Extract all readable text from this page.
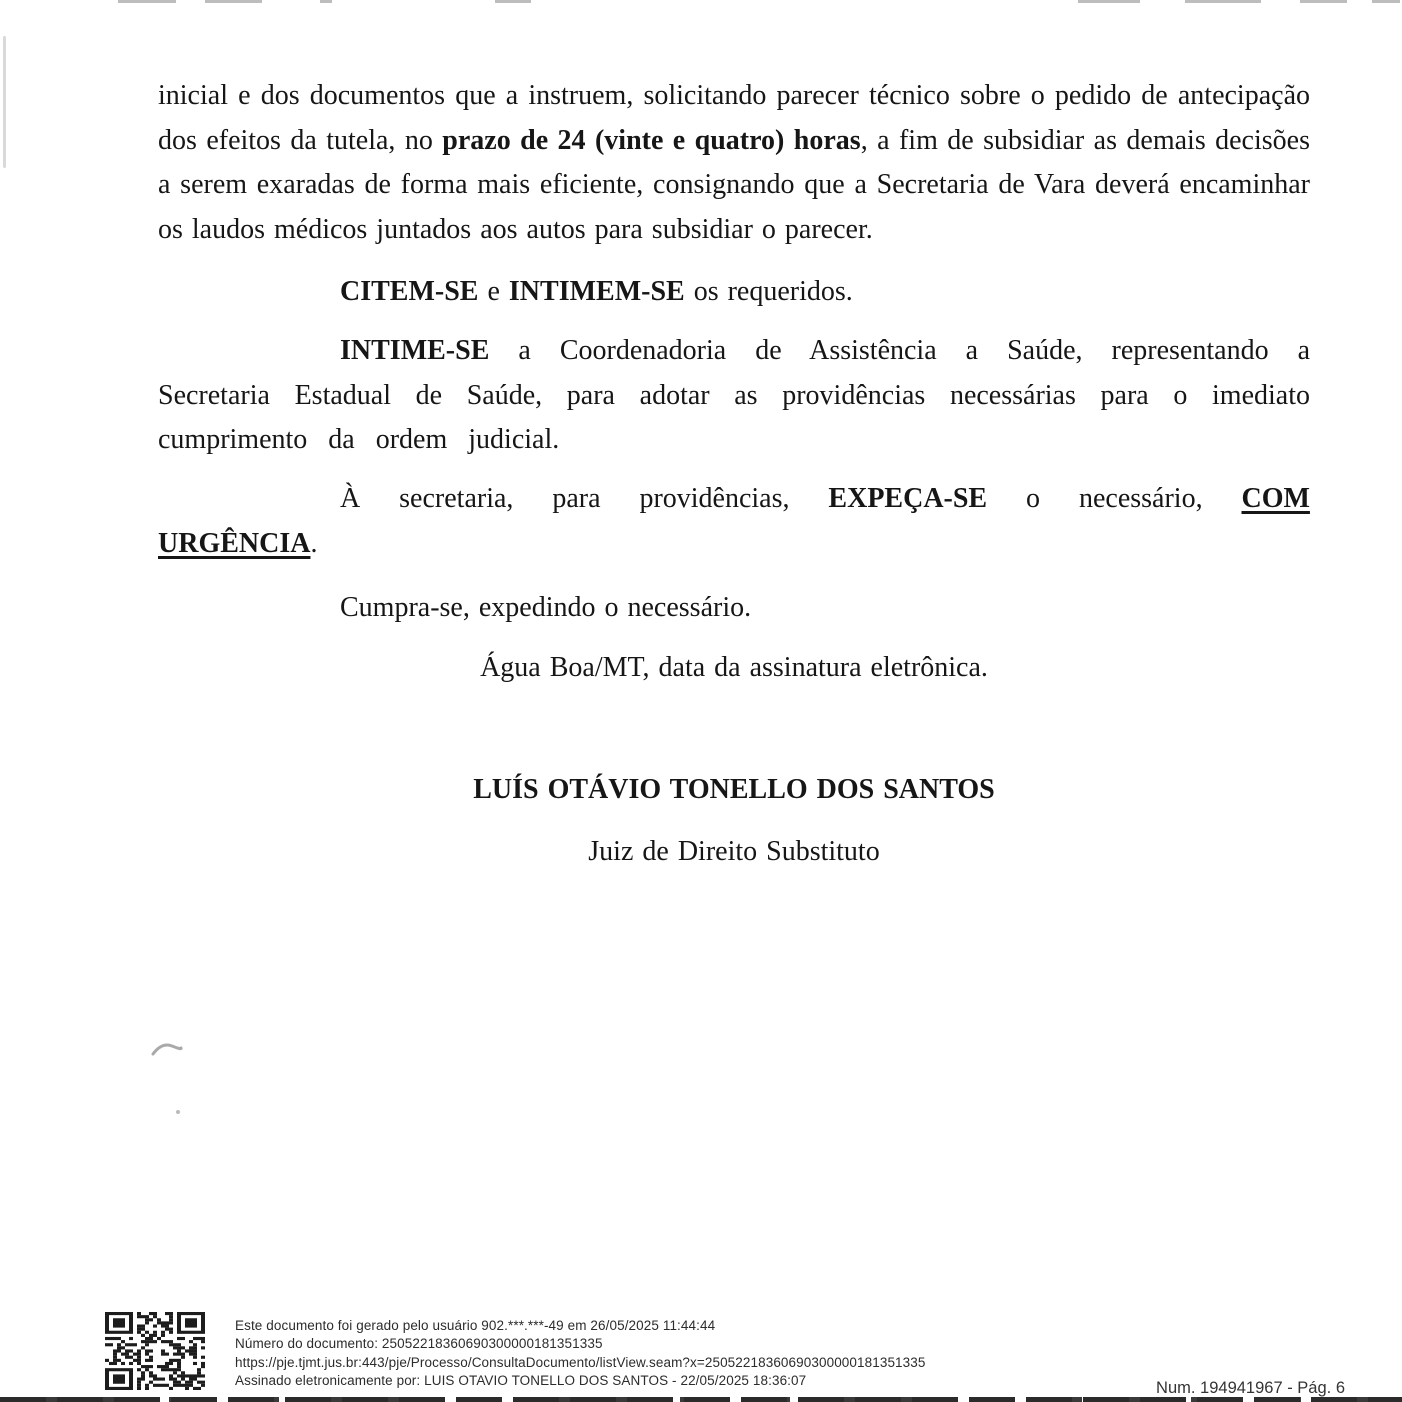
inicial e dos documentos que a instruem, solicitando parecer técnico sobre o pedido de antecipação dos efeitos da tutela, no prazo de 24 (vinte e quatro) horas, a fim de subsidiar as demais decisões a serem exaradas de forma mais eficiente, consignando que a Secretaria de Vara deverá encaminhar os laudos médicos juntados aos autos para subsidiar o parecer.

CITEM-SE e INTIMEM-SE os requeridos.

INTIME-SE a Coordenadoria de Assistência a Saúde, representando a Secretaria Estadual de Saúde, para adotar as providências necessárias para o imediato cumprimento da ordem judicial.

À secretaria, para providências, EXPEÇA-SE o necessário, COM
URGÊNCIA.

Cumpra-se, expedindo o necessário.

Água Boa/MT, data da assinatura eletrônica.

LUÍS OTÁVIO TONELLO DOS SANTOS

Juiz de Direito Substituto

Este documento foi gerado pelo usuário 902.***.***-49 em 26/05/2025 11:44:44
Número do documento: 25052218360690300000181351335
https://pje.tjmt.jus.br:443/pje/Processo/ConsultaDocumento/listView.seam?x=25052218360690300000181351335
Assinado eletronicamente por: LUIS OTAVIO TONELLO DOS SANTOS - 22/05/2025 18:36:07	Num. 194941967 - Pág. 6
